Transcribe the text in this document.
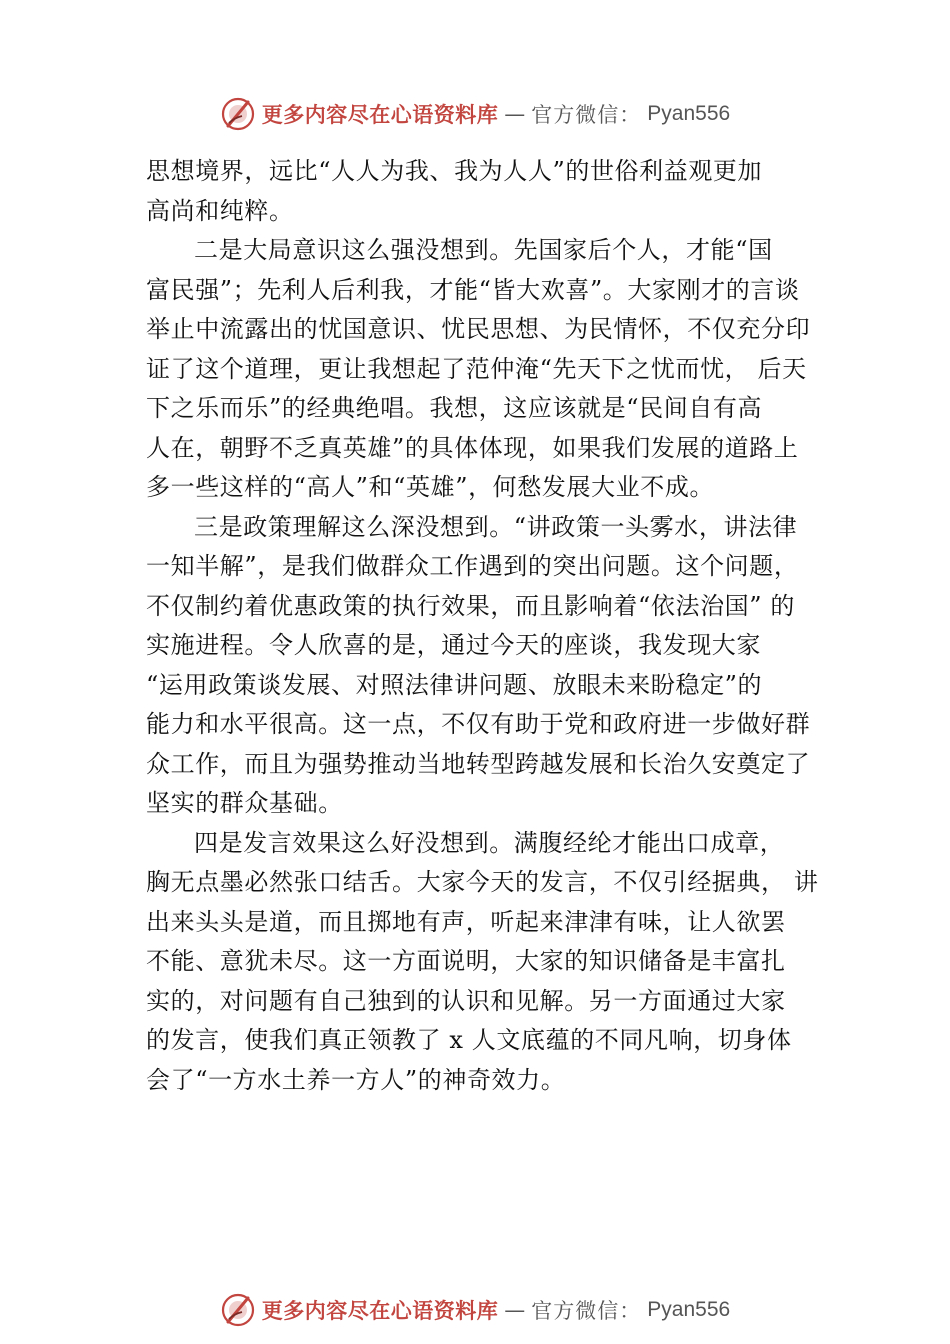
更多内容尽在心语资料库 — 官方微信： Pyan556
思想境界，远比“人人为我、我为人人”的世俗利益观更加
高尚和纯粹。
二是大局意识这么强没想到。先国家后个人，才能“国
富民强”；先利人后利我，才能“皆大欢喜”。大家刚才的言谈
举止中流露出的忧国意识、忧民思想、为民情怀，不仅充分印
证了这个道理，更让我想起了范仲淹“先天下之忧而忧， 后天
下之乐而乐”的经典绝唱。我想，这应该就是“民间自有高
人在，朝野不乏真英雄”的具体体现，如果我们发展的道路上
多一些这样的“高人”和“英雄”，何愁发展大业不成。
三是政策理解这么深没想到。“讲政策一头雾水，讲法律
一知半解”，是我们做群众工作遇到的突出问题。这个问题，
不仅制约着优惠政策的执行效果，而且影响着“依法治国” 的
实施进程。令人欣喜的是，通过今天的座谈，我发现大家
“运用政策谈发展、对照法律讲问题、放眼未来盼稳定”的
能力和水平很高。这一点，不仅有助于党和政府进一步做好群
众工作，而且为强势推动当地转型跨越发展和长治久安奠定了
坚实的群众基础。
四是发言效果这么好没想到。满腹经纶才能出口成章，
胸无点墨必然张口结舌。大家今天的发言，不仅引经据典， 讲
出来头头是道，而且掷地有声，听起来津津有味，让人欲罢
不能、意犹未尽。这一方面说明，大家的知识储备是丰富扎
实的，对问题有自己独到的认识和见解。另一方面通过大家
的发言，使我们真正领教了 x 人文底蕴的不同凡响，切身体
会了“一方水土养一方人”的神奇效力。
更多内容尽在心语资料库 — 官方微信： Pyan556
